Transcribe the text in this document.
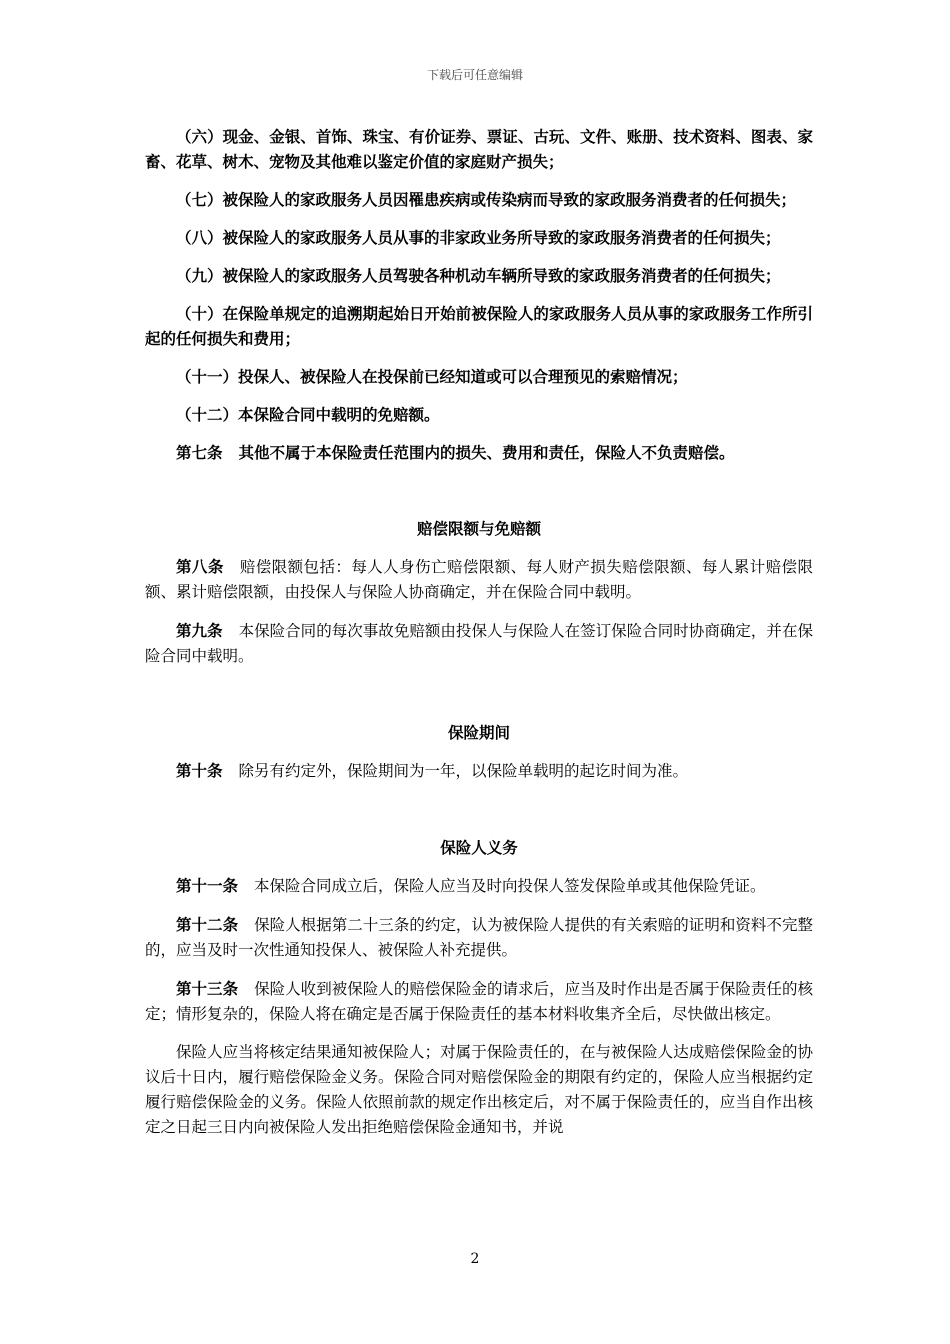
下载后可任意编辑

（六）现金、金银、首饰、珠宝、有价证券、票证、古玩、文件、账册、技术资料、图表、家畜、花草、树木、宠物及其他难以鉴定价值的家庭财产损失；

（七）被保险人的家政服务人员因罹患疾病或传染病而导致的家政服务消费者的任何损失；

（八）被保险人的家政服务人员从事的非家政业务所导致的家政服务消费者的任何损失；

（九）被保险人的家政服务人员驾驶各种机动车辆所导致的家政服务消费者的任何损失；

（十）在保险单规定的追溯期起始日开始前被保险人的家政服务人员从事的家政服务工作所引起的任何损失和费用；

（十一）投保人、被保险人在投保前已经知道或可以合理预见的索赔情况；

（十二）本保险合同中载明的免赔额。

第七条 其他不属于本保险责任范围内的损失、费用和责任，保险人不负责赔偿。

赔偿限额与免赔额

第八条 赔偿限额包括：每人人身伤亡赔偿限额、每人财产损失赔偿限额、每人累计赔偿限额、累计赔偿限额，由投保人与保险人协商确定，并在保险合同中载明。

第九条 本保险合同的每次事故免赔额由投保人与保险人在签订保险合同时协商确定，并在保险合同中载明。

保险期间

第十条 除另有约定外，保险期间为一年，以保险单载明的起讫时间为准。

保险人义务

第十一条 本保险合同成立后，保险人应当及时向投保人签发保险单或其他保险凭证。

第十二条 保险人根据第二十三条的约定，认为被保险人提供的有关索赔的证明和资料不完整的，应当及时一次性通知投保人、被保险人补充提供。

第十三条 保险人收到被保险人的赔偿保险金的请求后，应当及时作出是否属于保险责任的核定；情形复杂的，保险人将在确定是否属于保险责任的基本材料收集齐全后，尽快做出核定。

保险人应当将核定结果通知被保险人；对属于保险责任的，在与被保险人达成赔偿保险金的协议后十日内，履行赔偿保险金义务。保险合同对赔偿保险金的期限有约定的，保险人应当根据约定履行赔偿保险金的义务。保险人依照前款的规定作出核定后，对不属于保险责任的，应当自作出核定之日起三日内向被保险人发出拒绝赔偿保险金通知书，并说

2
